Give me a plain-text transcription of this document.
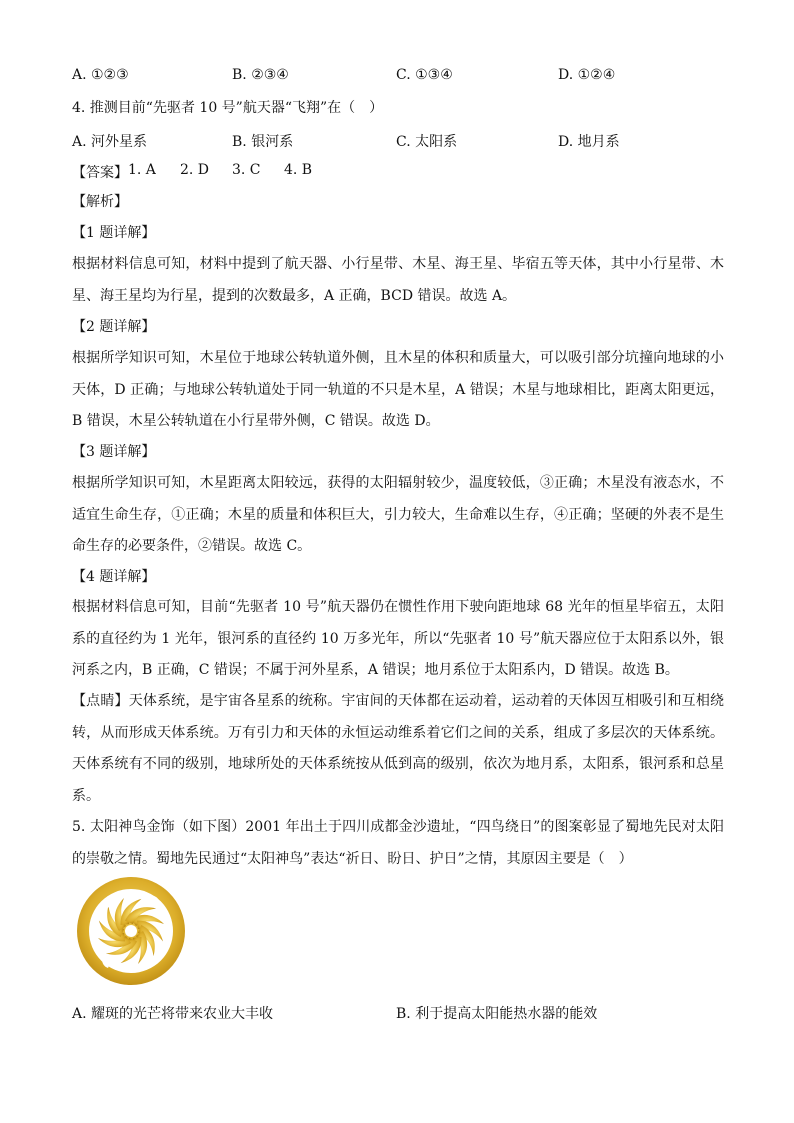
A. ①②③	B. ②③④	C. ①③④	D. ①②④
4. 推测目前“先驱者 10 号”航天器“飞翔”在（　）
A. 河外星系	B. 银河系	C. 太阳系	D. 地月系
【答案】 1. A 2. D 3. C 4. B
【解析】
【1 题详解】
根据材料信息可知，材料中提到了航天器、小行星带、木星、海王星、毕宿五等天体，其中小行星带、木星、海王星均为行星，提到的次数最多，A 正确，BCD 错误。故选 A。
【2 题详解】
根据所学知识可知，木星位于地球公转轨道外侧，且木星的体积和质量大，可以吸引部分坑撞向地球的小天体，D 正确；与地球公转轨道处于同一轨道的不只是木星，A 错误；木星与地球相比，距离太阳更远，B 错误，木星公转轨道在小行星带外侧，C 错误。故选 D。
【3 题详解】
根据所学知识可知，木星距离太阳较远，获得的太阳辐射较少，温度较低，③正确；木星没有液态水，不适宜生命生存，①正确；木星的质量和体积巨大，引力较大，生命难以生存，④正确；坚硬的外表不是生命生存的必要条件，②错误。故选 C。
【4 题详解】
根据材料信息可知，目前“先驱者 10 号”航天器仍在惯性作用下驶向距地球 68 光年的恒星毕宿五，太阳系的直径约为 1 光年，银河系的直径约 10 万多光年，所以“先驱者 10 号”航天器应位于太阳系以外，银河系之内，B 正确，C 错误；不属于河外星系，A 错误；地月系位于太阳系内，D 错误。故选 B。
【点睛】天体系统，是宇宙各星系的统称。宇宙间的天体都在运动着，运动着的天体因互相吸引和互相绕转，从而形成天体系统。万有引力和天体的永恒运动维系着它们之间的关系，组成了多层次的天体系统。天体系统有不同的级别，地球所处的天体系统按从低到高的级别，依次为地月系，太阳系，银河系和总星系。
5. 太阳神鸟金饰（如下图）2001 年出土于四川成都金沙遗址，“四鸟绕日”的图案彰显了蜀地先民对太阳的崇敬之情。蜀地先民通过“太阳神鸟”表达“祈日、盼日、护日”之情，其原因主要是（　）
A. 耀斑的光芒将带来农业大丰收	B. 利于提高太阳能热水器的能效
